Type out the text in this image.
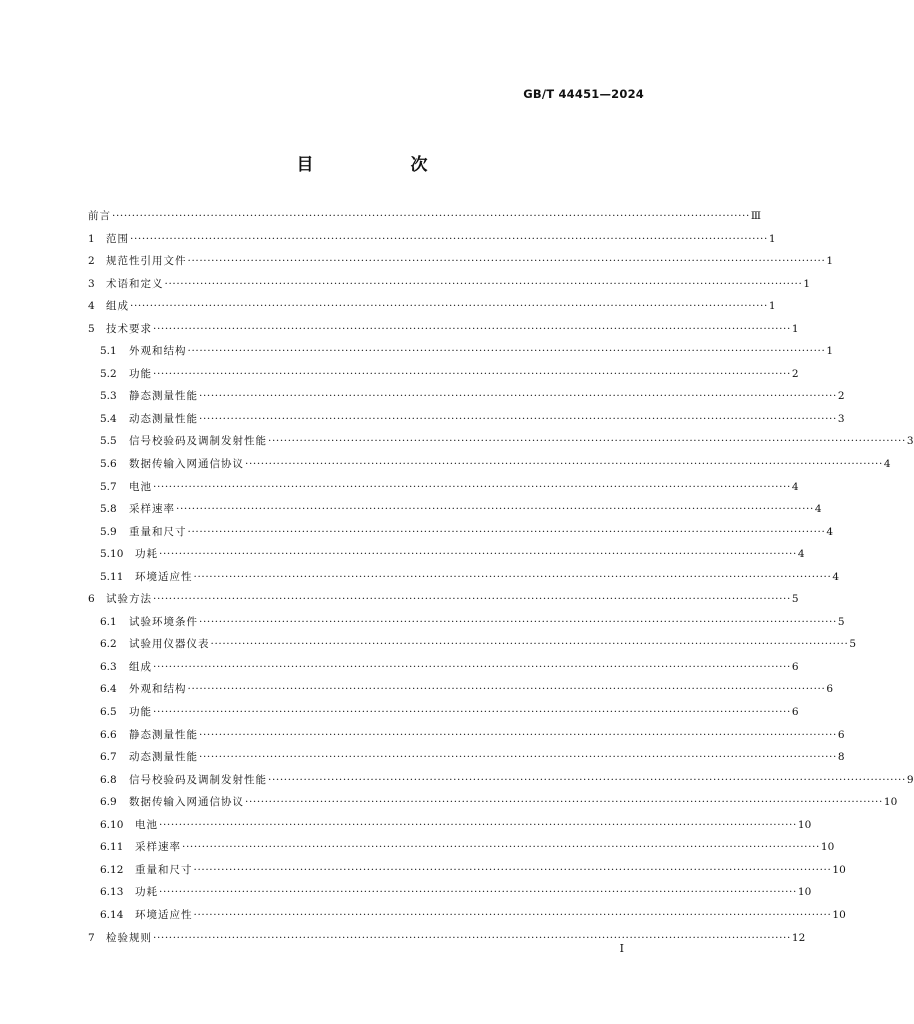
GB/T 44451—2024
目　次
前言 ·································································································································································· Ⅲ
1	范围 ·································································································································································· 1
2	规范性引用文件 ·································································································································································· 1
3	术语和定义 ·································································································································································· 1
4	组成 ·································································································································································· 1
5	技术要求 ·································································································································································· 1
5.1	外观和结构 ·································································································································································· 1
5.2	功能 ·································································································································································· 2
5.3	静态测量性能 ·································································································································································· 2
5.4	动态测量性能 ·································································································································································· 3
5.5	信号校验码及调制发射性能 ·································································································································································· 3
5.6	数据传输入网通信协议 ·································································································································································· 4
5.7	电池 ·································································································································································· 4
5.8	采样速率 ·································································································································································· 4
5.9	重量和尺寸 ·································································································································································· 4
5.10	功耗 ·································································································································································· 4
5.11	环境适应性 ·································································································································································· 4
6	试验方法 ·································································································································································· 5
6.1	试验环境条件 ·································································································································································· 5
6.2	试验用仪器仪表 ·································································································································································· 5
6.3	组成 ·································································································································································· 6
6.4	外观和结构 ·································································································································································· 6
6.5	功能 ·································································································································································· 6
6.6	静态测量性能 ·································································································································································· 6
6.7	动态测量性能 ·································································································································································· 8
6.8	信号校验码及调制发射性能 ·································································································································································· 9
6.9	数据传输入网通信协议 ·································································································································································· 10
6.10	电池 ·································································································································································· 10
6.11	采样速率 ·································································································································································· 10
6.12	重量和尺寸 ·································································································································································· 10
6.13	功耗 ·································································································································································· 10
6.14	环境适应性 ·································································································································································· 10
7	检验规则 ·································································································································································· 12
I
